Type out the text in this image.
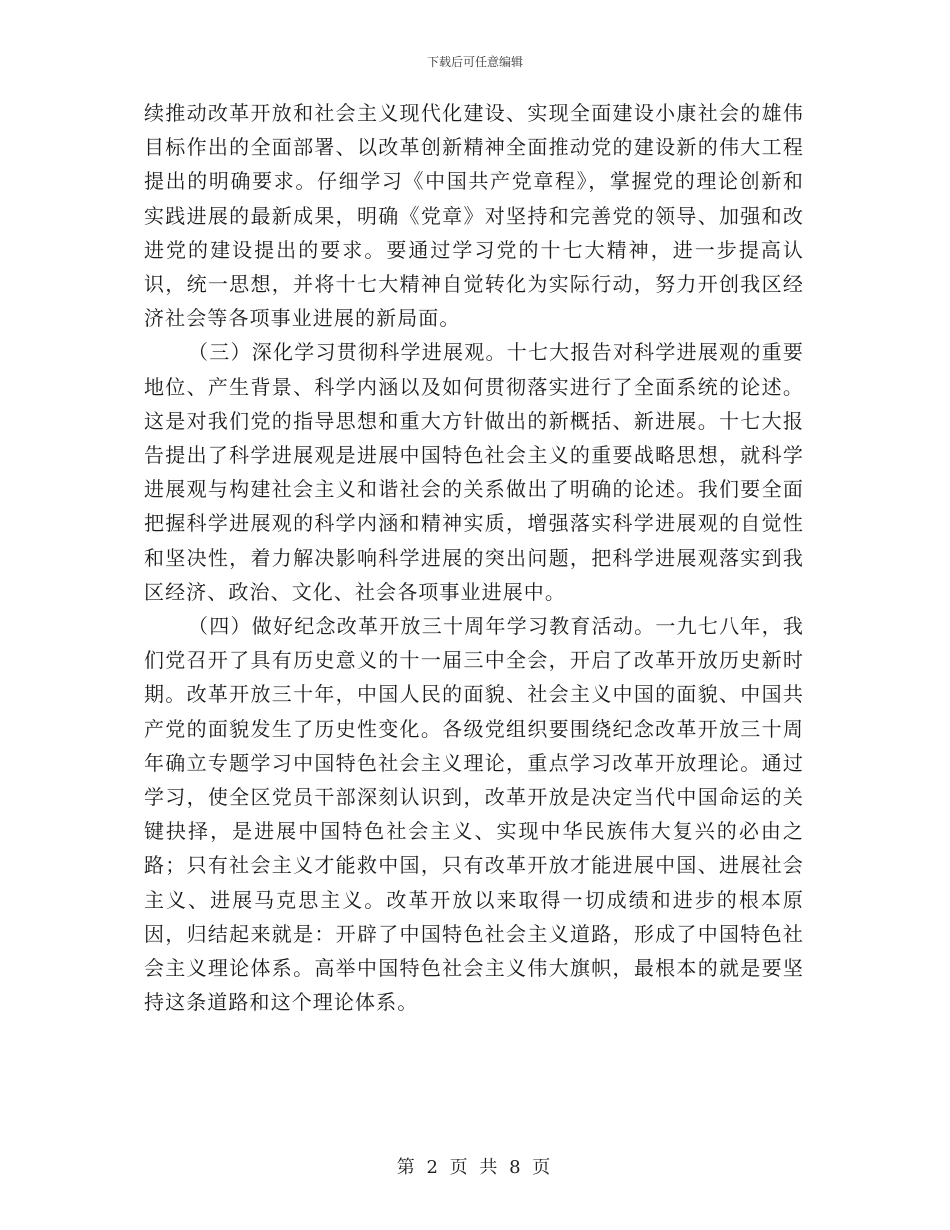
下载后可任意编辑

续推动改革开放和社会主义现代化建设、实现全面建设小康社会的雄伟目标作出的全面部署、以改革创新精神全面推动党的建设新的伟大工程提出的明确要求。仔细学习《中国共产党章程》，掌握党的理论创新和实践进展的最新成果，明确《党章》对坚持和完善党的领导、加强和改进党的建设提出的要求。要通过学习党的十七大精神，进一步提高认识，统一思想，并将十七大精神自觉转化为实际行动，努力开创我区经济社会等各项事业进展的新局面。

（三）深化学习贯彻科学进展观。十七大报告对科学进展观的重要地位、产生背景、科学内涵以及如何贯彻落实进行了全面系统的论述。这是对我们党的指导思想和重大方针做出的新概括、新进展。十七大报告提出了科学进展观是进展中国特色社会主义的重要战略思想，就科学进展观与构建社会主义和谐社会的关系做出了明确的论述。我们要全面把握科学进展观的科学内涵和精神实质，增强落实科学进展观的自觉性和坚决性，着力解决影响科学进展的突出问题，把科学进展观落实到我区经济、政治、文化、社会各项事业进展中。

（四）做好纪念改革开放三十周年学习教育活动。一九七八年，我们党召开了具有历史意义的十一届三中全会，开启了改革开放历史新时期。改革开放三十年，中国人民的面貌、社会主义中国的面貌、中国共产党的面貌发生了历史性变化。各级党组织要围绕纪念改革开放三十周年确立专题学习中国特色社会主义理论，重点学习改革开放理论。通过学习，使全区党员干部深刻认识到，改革开放是决定当代中国命运的关键抉择，是进展中国特色社会主义、实现中华民族伟大复兴的必由之路；只有社会主义才能救中国，只有改革开放才能进展中国、进展社会主义、进展马克思主义。改革开放以来取得一切成绩和进步的根本原因，归结起来就是：开辟了中国特色社会主义道路，形成了中国特色社会主义理论体系。高举中国特色社会主义伟大旗帜，最根本的就是要坚持这条道路和这个理论体系。

第 2 页 共 8 页
